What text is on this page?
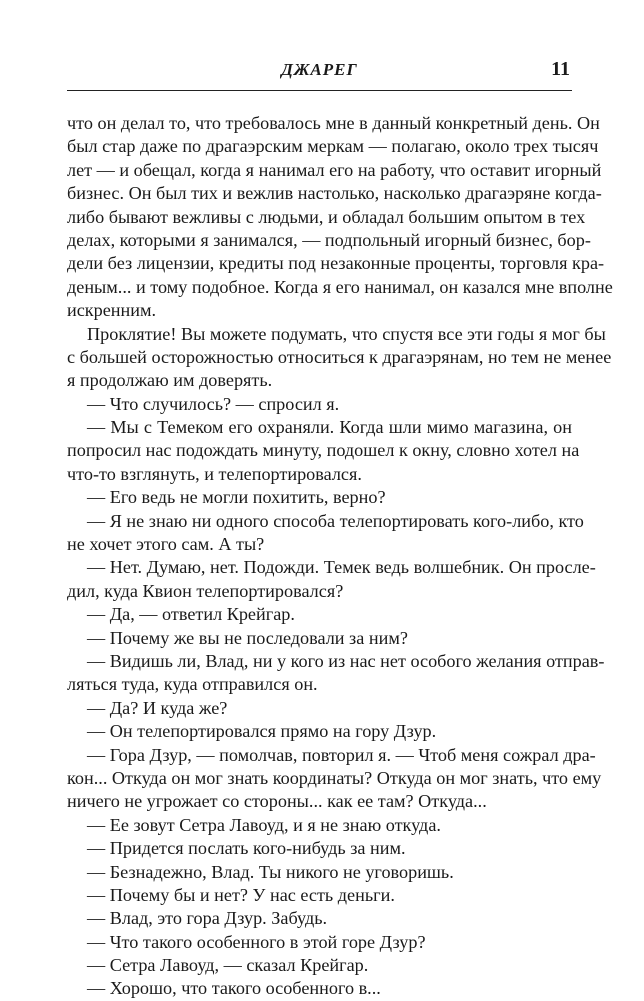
ДЖАРЕГ	11
что он делал то, что требовалось мне в данный конкретный день. Он
был стар даже по драгаэрским меркам — полагаю, около трех тысяч
лет — и обещал, когда я нанимал его на работу, что оставит игорный
бизнес. Он был тих и вежлив настолько, насколько драгаэряне когда-
либо бывают вежливы с людьми, и обладал большим опытом в тех
делах, которыми я занимался, — подпольный игорный бизнес, бор-
дели без лицензии, кредиты под незаконные проценты, торговля кра-
деным... и тому подобное. Когда я его нанимал, он казался мне вполне
искренним.
Проклятие! Вы можете подумать, что спустя все эти годы я мог бы
с большей осторожностью относиться к драгаэрянам, но тем не менее
я продолжаю им доверять.
— Что случилось? — спросил я.
— Мы с Темеком его охраняли. Когда шли мимо магазина, он
попросил нас подождать минуту, подошел к окну, словно хотел на
что-то взглянуть, и телепортировался.
— Его ведь не могли похитить, верно?
— Я не знаю ни одного способа телепортировать кого-либо, кто
не хочет этого сам. А ты?
— Нет. Думаю, нет. Подожди. Темек ведь волшебник. Он просле-
дил, куда Квион телепортировался?
— Да, — ответил Крейгар.
— Почему же вы не последовали за ним?
— Видишь ли, Влад, ни у кого из нас нет особого желания отправ-
ляться туда, куда отправился он.
— Да? И куда же?
— Он телепортировался прямо на гору Дзур.
— Гора Дзур, — помолчав, повторил я. — Чтоб меня сожрал дра-
кон... Откуда он мог знать координаты? Откуда он мог знать, что ему
ничего не угрожает со стороны... как ее там? Откуда...
— Ее зовут Сетра Лавоуд, и я не знаю откуда.
— Придется послать кого-нибудь за ним.
— Безнадежно, Влад. Ты никого не уговоришь.
— Почему бы и нет? У нас есть деньги.
— Влад, это гора Дзур. Забудь.
— Что такого особенного в этой горе Дзур?
— Сетра Лавоуд, — сказал Крейгар.
— Хорошо, что такого особенного в...
